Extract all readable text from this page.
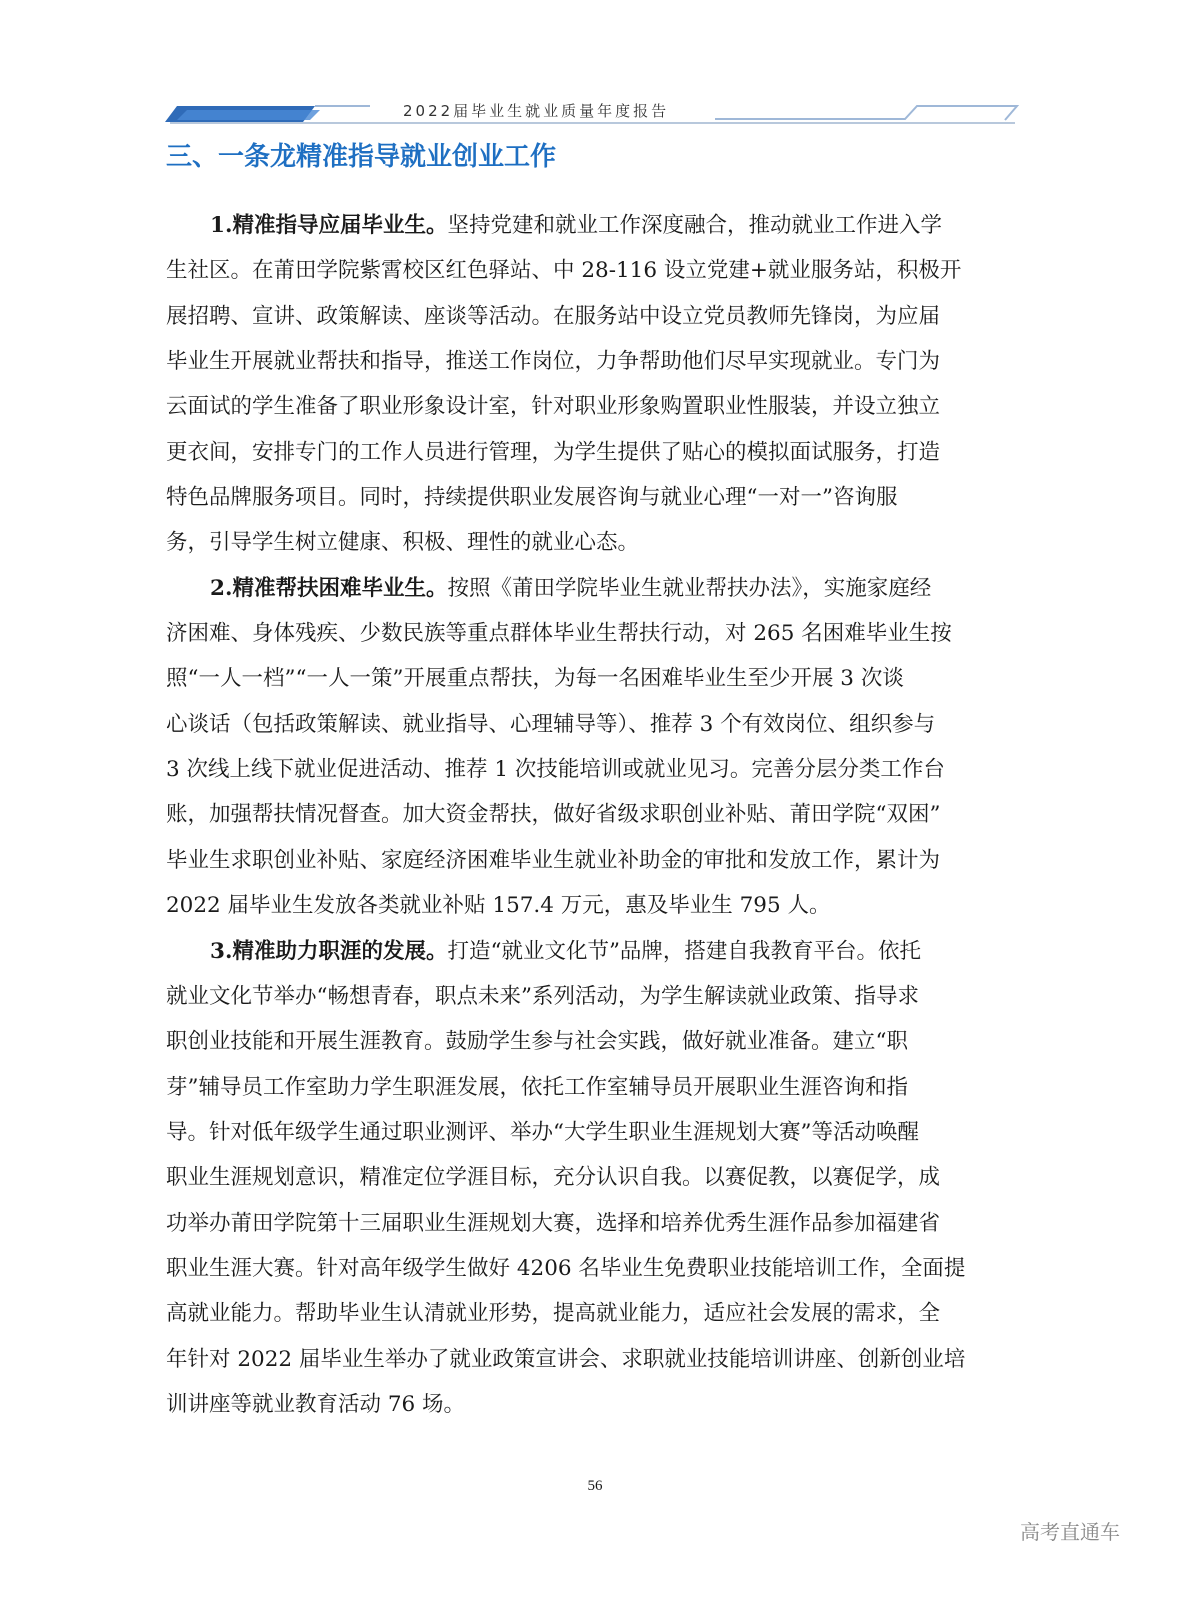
2022届毕业生就业质量年度报告
三、一条龙精准指导就业创业工作
1.精准指导应届毕业生。坚持党建和就业工作深度融合，推动就业工作进入学
生社区。在莆田学院紫霄校区红色驿站、中 28-116 设立党建+就业服务站，积极开
展招聘、宣讲、政策解读、座谈等活动。在服务站中设立党员教师先锋岗，为应届
毕业生开展就业帮扶和指导，推送工作岗位，力争帮助他们尽早实现就业。专门为
云面试的学生准备了职业形象设计室，针对职业形象购置职业性服装，并设立独立
更衣间，安排专门的工作人员进行管理，为学生提供了贴心的模拟面试服务，打造
特色品牌服务项目。同时，持续提供职业发展咨询与就业心理“一对一”咨询服
务，引导学生树立健康、积极、理性的就业心态。
2.精准帮扶困难毕业生。按照《莆田学院毕业生就业帮扶办法》，实施家庭经
济困难、身体残疾、少数民族等重点群体毕业生帮扶行动，对 265 名困难毕业生按
照“一人一档”“一人一策”开展重点帮扶，为每一名困难毕业生至少开展 3 次谈
心谈话（包括政策解读、就业指导、心理辅导等）、推荐 3 个有效岗位、组织参与
3 次线上线下就业促进活动、推荐 1 次技能培训或就业见习。完善分层分类工作台
账，加强帮扶情况督查。加大资金帮扶，做好省级求职创业补贴、莆田学院“双困”
毕业生求职创业补贴、家庭经济困难毕业生就业补助金的审批和发放工作，累计为
2022 届毕业生发放各类就业补贴 157.4 万元，惠及毕业生 795 人。
3.精准助力职涯的发展。打造“就业文化节”品牌，搭建自我教育平台。依托
就业文化节举办“畅想青春，职点未来”系列活动，为学生解读就业政策、指导求
职创业技能和开展生涯教育。鼓励学生参与社会实践，做好就业准备。建立“职
芽”辅导员工作室助力学生职涯发展，依托工作室辅导员开展职业生涯咨询和指
导。针对低年级学生通过职业测评、举办“大学生职业生涯规划大赛”等活动唤醒
职业生涯规划意识，精准定位学涯目标，充分认识自我。以赛促教，以赛促学，成
功举办莆田学院第十三届职业生涯规划大赛，选择和培养优秀生涯作品参加福建省
职业生涯大赛。针对高年级学生做好 4206 名毕业生免费职业技能培训工作，全面提
高就业能力。帮助毕业生认清就业形势，提高就业能力，适应社会发展的需求，全
年针对 2022 届毕业生举办了就业政策宣讲会、求职就业技能培训讲座、创新创业培
训讲座等就业教育活动 76 场。
56
高考直通车
